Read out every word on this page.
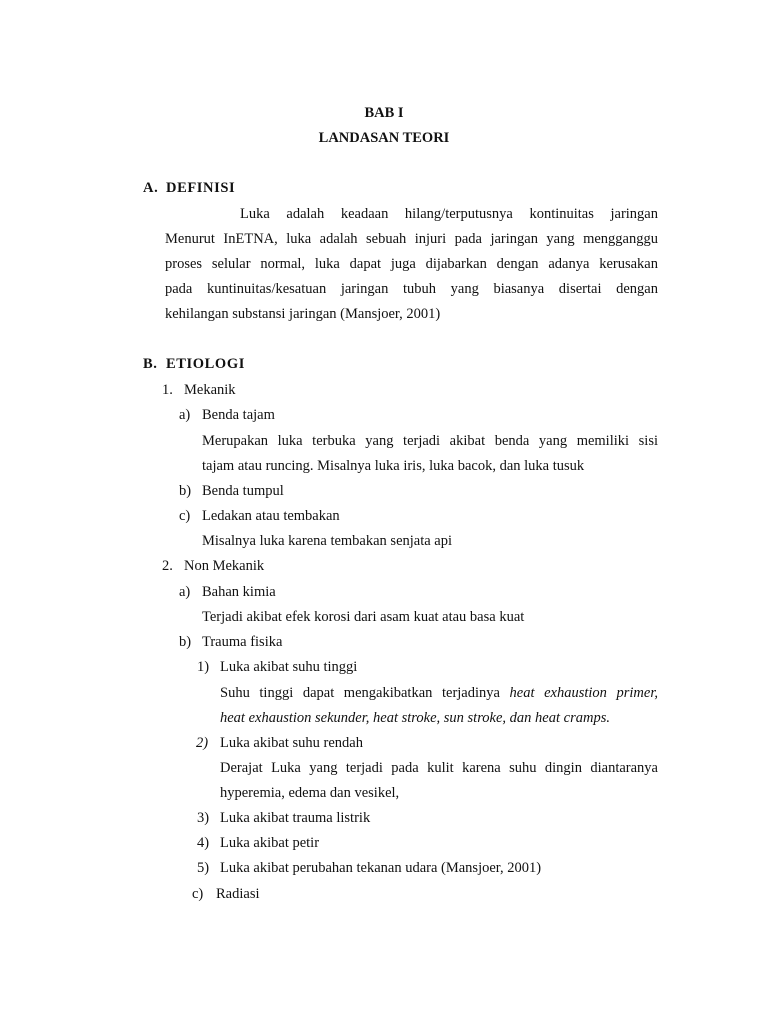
BAB I
LANDASAN TEORI
A. DEFINISI
Luka adalah keadaan hilang/terputusnya kontinuitas jaringan
Menurut InETNA, luka adalah sebuah injuri pada jaringan yang mengganggu
proses selular normal, luka dapat juga dijabarkan dengan adanya kerusakan
pada kuntinuitas/kesatuan jaringan tubuh yang biasanya disertai dengan
kehilangan substansi jaringan (Mansjoer, 2001)
B. ETIOLOGI
1. Mekanik
a) Benda tajam
Merupakan luka terbuka yang terjadi akibat benda yang memiliki sisi
tajam atau runcing. Misalnya luka iris, luka bacok, dan luka tusuk
b) Benda tumpul
c) Ledakan atau tembakan
Misalnya luka karena tembakan senjata api
2. Non Mekanik
a) Bahan kimia
Terjadi akibat efek korosi dari asam kuat atau basa kuat
b) Trauma fisika
1) Luka akibat suhu tinggi
Suhu tinggi dapat mengakibatkan terjadinya heat exhaustion primer,
heat exhaustion sekunder, heat stroke, sun stroke, dan heat cramps.
2) Luka akibat suhu rendah
Derajat Luka yang terjadi pada kulit karena suhu dingin diantaranya
hyperemia, edema dan vesikel,
3) Luka akibat trauma listrik
4) Luka akibat petir
5) Luka akibat perubahan tekanan udara (Mansjoer, 2001)
c) Radiasi
